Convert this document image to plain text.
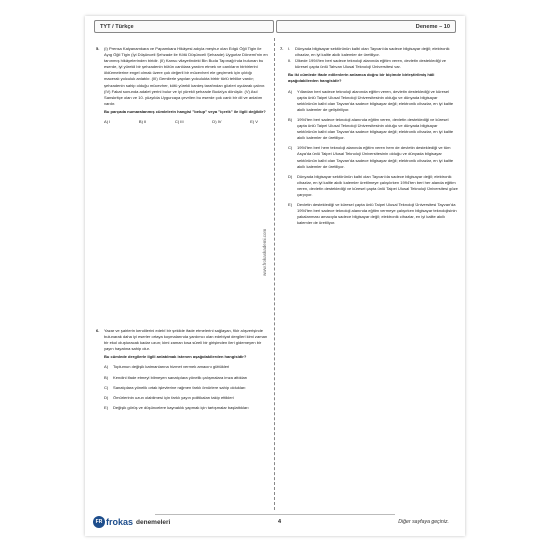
TYT / Türkçe	Deneme – 10
www.frokaskademi.com
5.	(I) Prensa Kalyanamkara ve Papamkara Hikâyesi adıyla meşhur olan Edgü Öğli Tigin ile Ayıg Öğli Tigin (İyi Düşünceli Şehzade ile Kötü Düşünceli Şehzade) Uygurlar Dönemi'nin en tanınmış hikâyelerinden biridir. (II) Kansu vilayetindeki Bin Buda Tapınağı'nda bulunan bu eserde, iyi yürekli bir şehzadenin bütün canlılara yardım etmek ve canlıların birbirlerini öldürmelerine engel olmak üzere çok değerli bir mücevheri ele geçirmek için çıktığı maceralı yolculuk anlatılır. (III) Gemilerle yapılan yolculukta birbir türlü tehlike vardır; şehzadenin sahip olduğu mücevher, kötü yürekli kardeş tarafından gözleri oyularak çalınır. (IV) Fakat sonunda adalet yerini bulur ve iyi yürekli şehzade Buda'ya dönüşür. (V) Asıl Sanskritçe olan ve 10. yüzyılda Uygurcaya çevrilen bu eserde çok canlı bir dil ve anlatım vardır.

Bu parçada numaralanmış cümlelerin hangisi "belup" veya "içerik" ile ilgili değildir?

A) I	B) II	C) III	D) IV	E) V
6.	Yazar ve şairlerin kendilerini edebî bir şekilde ifade etmelerini sağlayan, fikir alışverişinde bulunarak daha iyi eserler ortaya koymalarında yardımcı olan edebiyat dergileri kimi zaman bir ekol oluşturacak kadar uzun; kimi zaman kısa süreli bir girişimden ileri gidemeyen bir yayın hayatına sahip olur.

Bu cümlede dergilerle ilgili anlatılmak istenen aşağıdakilerden hangisidir?

A)	Toplumun değişik katmanlarına hizmet vermek amacını güttükleri
B)	Kendini ifade etmeyi bilmeyen sanatçılara yönelik çalışmalara imza attıkları
C)	Sanatçılara yönelik ortak işlevlerine rağmen farklı ömürlere sahip oldukları
D)	Ömürlerinin uzun olabilmesi için farklı yayın politikaları takip ettikleri
E)	Değişik görüş ve düşüncelere kaynaklık yapmak için tartışmalar başlattıkları
7.	I.	Dünyada bilgisayar sektörünün kalbi olan Tayvan'da sadece bilgisayar değil; elektronik cihazlar, en iyi kalite akıllı kalemler de üretiliyor.
II. Ülkede 1994'ten beri sadece teknoloji alanında eğitim veren, devletin desteklediği ve küresel çapta ünlü Tahvan Ulusal Teknoloji Üniversitesi var.

Bu iki cümlede ifade edilenlerin anlamca doğru bir biçimde birleştirilmiş hâli aşağıdakilerden hangisidir?

A)	Yıllardan beri sadece teknoloji alanında eğitim veren, devletin desteklediği ve küresel çapta ünlü Taipei Ulusal Teknoloji Üniversitesinin olduğu ve dünyada bilgisayar sektörünün kalbi olan Tayvan'da sadece bilgisayar değil; elektronik cihazlar, en iyi kalite akıllı kalemler de geliştiriliyor.
B)	1994'ten beri sadece teknoloji alanında eğitim veren, devletin desteklediği ve küresel çapta ünlü Taipei Ulusal Teknoloji Üniversitesinin olduğu ve dünyada bilgisayar sektörünün kalbi olan Tayvan'da sadece bilgisayar değil; elektronik cihazlar, en iyi kalite akıllı kalemler de üretiliyor.
C)	1994'ten beri hem teknoloji alanında eğitim veren hem de devletin desteklediği ve tüm Asya'da ünlü Taipei Ulusal Teknoloji Üniversitesinin olduğu ve dünyada bilgisayar sektörünün kalbi olan Tayvan'da sadece bilgisayar değil; elektronik cihazlar, en iyi kalite akıllı kalemler de üretiliyor.
D)	Dünyada bilgisayar sektörünün kalbi olan Tayvan'da sadece bilgisayar değil; elektronik cihazlar, en iyi kalite akıllı kalemler üretilmeye çalışılırken 1994'ten beri her alanda eğitim veren, devletin desteklediği ve küresel çapta ünlü Taipei Ulusal Teknoloji Üniversitesi göze çarpıyor.
E)	Devletin desteklediği ve küresel çapta ünlü Taipei Ulusal Teknoloji Üniversitesi Tayvan'da 1994'ten beri sadece teknoloji alanında eğitim vermeye çalışırken bilgisayar teknolojisinin yakalanması amacıyla sadece bilgisayar değil; elektronik cihazlar, en iyi kalite akıllı kalemler de üretiliyor.
FR frokas denemeleri	4	Diğer sayfaya geçiniz.
